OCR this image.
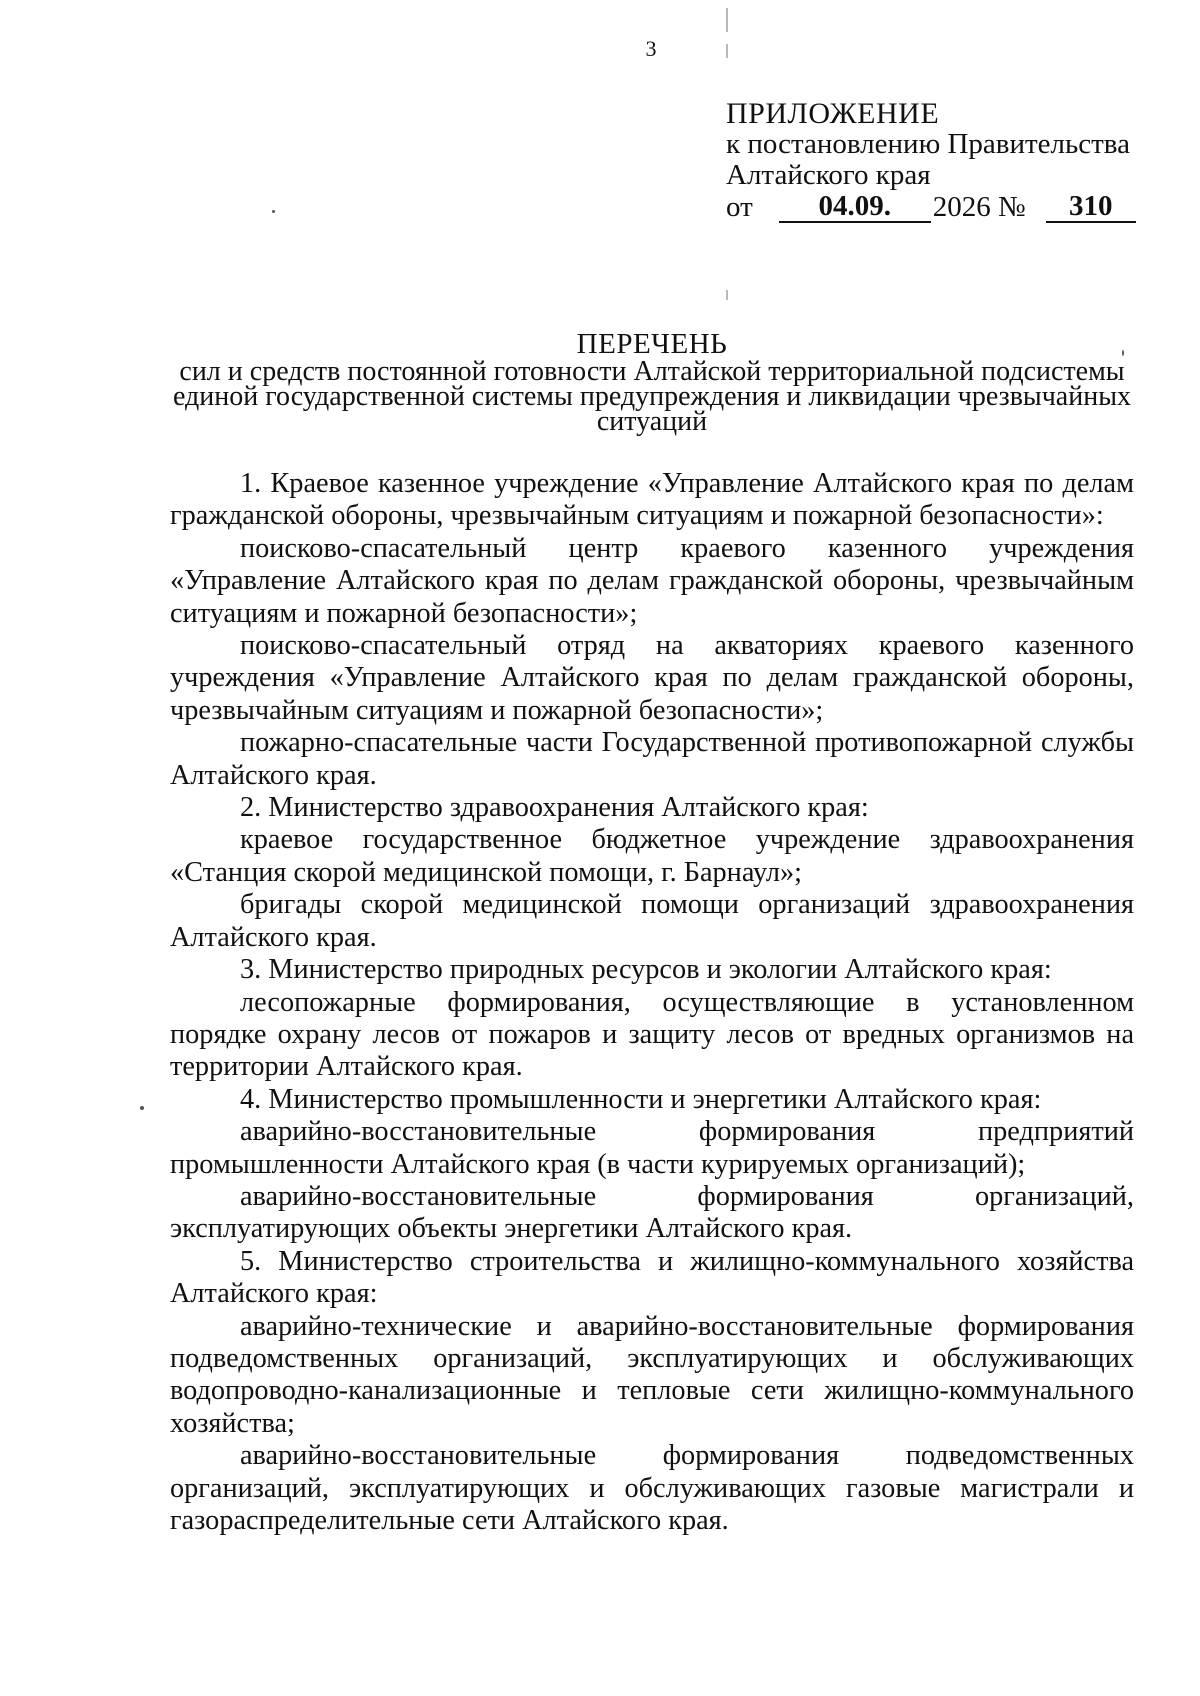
3
ПРИЛОЖЕНИЕ
к постановлению Правительства
Алтайского края
от	04.09.	2026 №	310
ПЕРЕЧЕНЬ
сил и средств постоянной готовности Алтайской территориальной подсистемы единой государственной системы предупреждения и ликвидации чрезвычайных ситуаций

1. Краевое казенное учреждение «Управление Алтайского края по делам гражданской обороны, чрезвычайным ситуациям и пожарной безопасности»:

поисково-спасательный центр краевого казенного учреждения «Управление Алтайского края по делам гражданской обороны, чрезвычайным ситуациям и пожарной безопасности»;

поисково-спасательный отряд на акваториях краевого казенного учреждения «Управление Алтайского края по делам гражданской обороны, чрезвычайным ситуациям и пожарной безопасности»;

пожарно-спасательные части Государственной противопожарной службы Алтайского края.

2. Министерство здравоохранения Алтайского края:

краевое государственное бюджетное учреждение здравоохранения «Станция скорой медицинской помощи, г. Барнаул»;

бригады скорой медицинской помощи организаций здравоохранения Алтайского края.

3. Министерство природных ресурсов и экологии Алтайского края:

лесопожарные формирования, осуществляющие в установленном порядке охрану лесов от пожаров и защиту лесов от вредных организмов на территории Алтайского края.

4. Министерство промышленности и энергетики Алтайского края:

аварийно-восстановительные формирования предприятий промышленности Алтайского края (в части курируемых организаций);

аварийно-восстановительные формирования организаций, эксплуатирующих объекты энергетики Алтайского края.

5. Министерство строительства и жилищно-коммунального хозяйства Алтайского края:

аварийно-технические и аварийно-восстановительные формирования подведомственных организаций, эксплуатирующих и обслуживающих водопроводно-канализационные и тепловые сети жилищно-коммунального хозяйства;

аварийно-восстановительные формирования подведомственных организаций, эксплуатирующих и обслуживающих газовые магистрали и газораспределительные сети Алтайского края.
